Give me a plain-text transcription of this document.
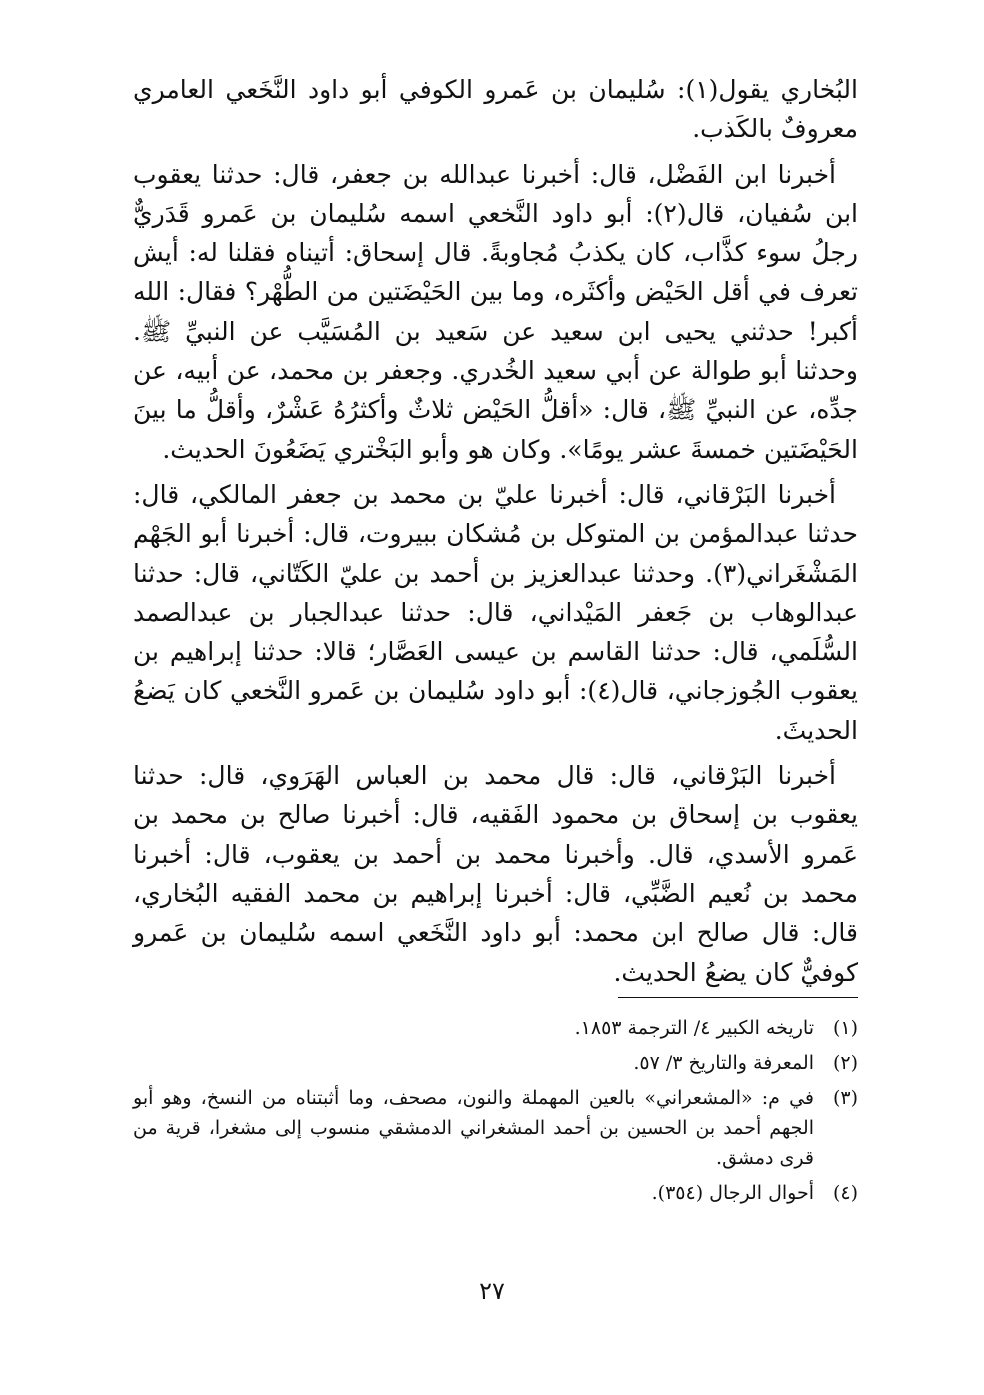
البُخاري يقول(١): سُليمان بن عَمرو الكوفي أبو داود النَّخَعي العامري معروفٌ بالكَذب.

أخبرنا ابن الفَضْل، قال: أخبرنا عبدالله بن جعفر، قال: حدثنا يعقوب ابن سُفيان، قال(٢): أبو داود النَّخعي اسمه سُليمان بن عَمرو قَدَريٌّ رجلُ سوء كذَّاب، كان يكذبُ مُجاوبةً. قال إسحاق: أتيناه فقلنا له: أيش تعرف في أقل الحَيْض وأكثَره، وما بين الحَيْضَتين من الطُّهْر؟ فقال: الله أكبر! حدثني يحيى ابن سعيد عن سَعيد بن المُسَيَّب عن النبيِّ ﷺ. وحدثنا أبو طوالة عن أبي سعيد الخُدري. وجعفر بن محمد، عن أبيه، عن جدِّه، عن النبيِّ ﷺ، قال: «أقلُّ الحَيْض ثلاثٌ وأكثرُهُ عَشْرٌ، وأقلُّ ما بينَ الحَيْضَتين خمسةَ عشر يومًا». وكان هو وأبو البَخْتري يَضَعُونَ الحديث.

أخبرنا البَرْقاني، قال: أخبرنا عليّ بن محمد بن جعفر المالكي، قال: حدثنا عبدالمؤمن بن المتوكل بن مُشكان ببيروت، قال: أخبرنا أبو الجَهْم المَشْغَراني(٣). وحدثنا عبدالعزيز بن أحمد بن عليّ الكَتّاني، قال: حدثنا عبدالوهاب بن جَعفر المَيْداني، قال: حدثنا عبدالجبار بن عبدالصمد السُّلَمي، قال: حدثنا القاسم بن عيسى العَصَّار؛ قالا: حدثنا إبراهيم بن يعقوب الجُوزجاني، قال(٤): أبو داود سُليمان بن عَمرو النَّخعي كان يَضعُ الحديثَ.

أخبرنا البَرْقاني، قال: قال محمد بن العباس الهَرَوي، قال: حدثنا يعقوب بن إسحاق بن محمود الفَقيه، قال: أخبرنا صالح بن محمد بن عَمرو الأسدي، قال. وأخبرنا محمد بن أحمد بن يعقوب، قال: أخبرنا محمد بن نُعيم الضَّبِّي، قال: أخبرنا إبراهيم بن محمد الفقيه البُخاري، قال: قال صالح ابن محمد: أبو داود النَّخَعي اسمه سُليمان بن عَمرو كوفيٌّ كان يضعُ الحديث.

(١)
تاريخه الكبير ٤/ الترجمة ١٨٥٣.
(٢)
المعرفة والتاريخ ٣/ ٥٧.
(٣)
في م: «المشعراني» بالعين المهملة والنون، مصحف، وما أثبتناه من النسخ، وهو أبو الجهم أحمد بن الحسين بن أحمد المشغراني الدمشقي منسوب إلى مشغرا، قرية من قرى دمشق.
(٤)
أحوال الرجال (٣٥٤).
٢٧
